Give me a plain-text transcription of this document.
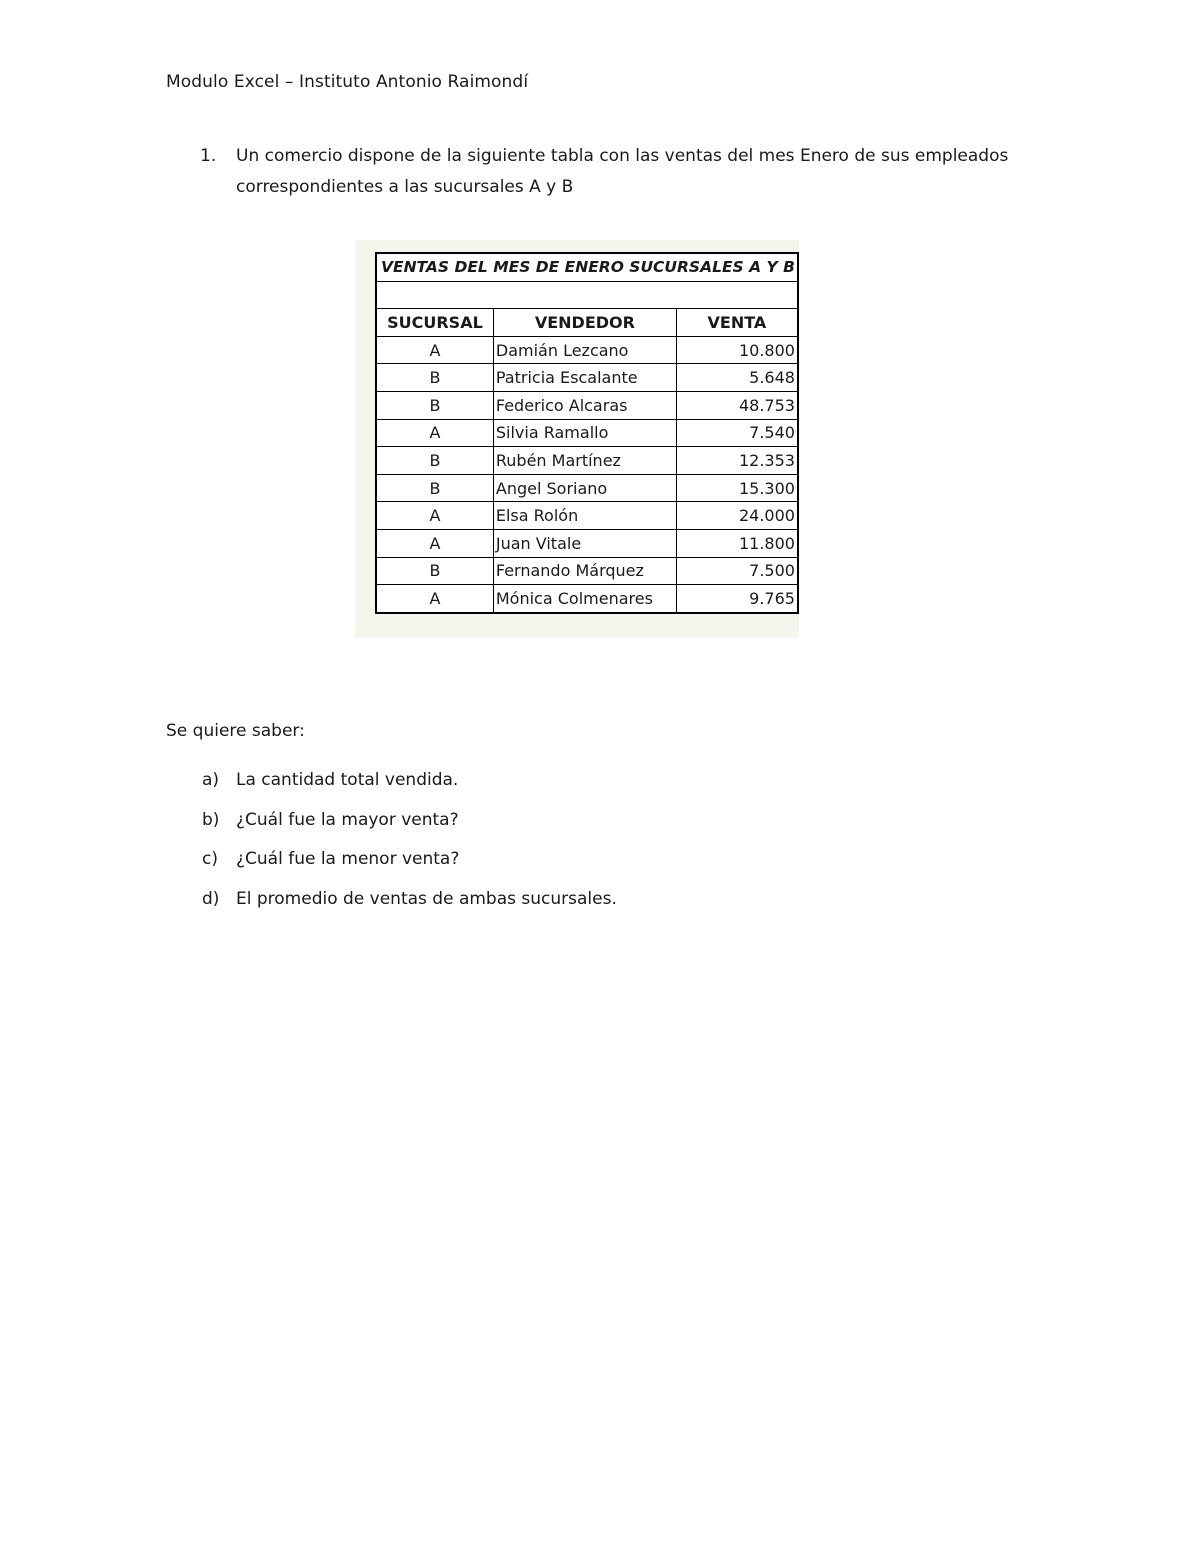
Modulo Excel – Instituto Antonio Raimondí
1. Un comercio dispone de la siguiente tabla con las ventas del mes Enero de sus empleados correspondientes a las sucursales A y B
VENTAS DEL MES DE ENERO SUCURSALES A Y B		

SUCURSAL	VENDEDOR	VENTA
A	Damián Lezcano	10.800
B	Patricia Escalante	5.648
B	Federico Alcaras	48.753
A	Silvia Ramallo	7.540
B	Rubén Martínez	12.353
B	Angel Soriano	15.300
A	Elsa Rolón	24.000
A	Juan Vitale	11.800
B	Fernando Márquez	7.500
A	Mónica Colmenares	9.765
Se quiere saber:
a) La cantidad total vendida.
b) ¿Cuál fue la mayor venta?
c) ¿Cuál fue la menor venta?
d) El promedio de ventas de ambas sucursales.
